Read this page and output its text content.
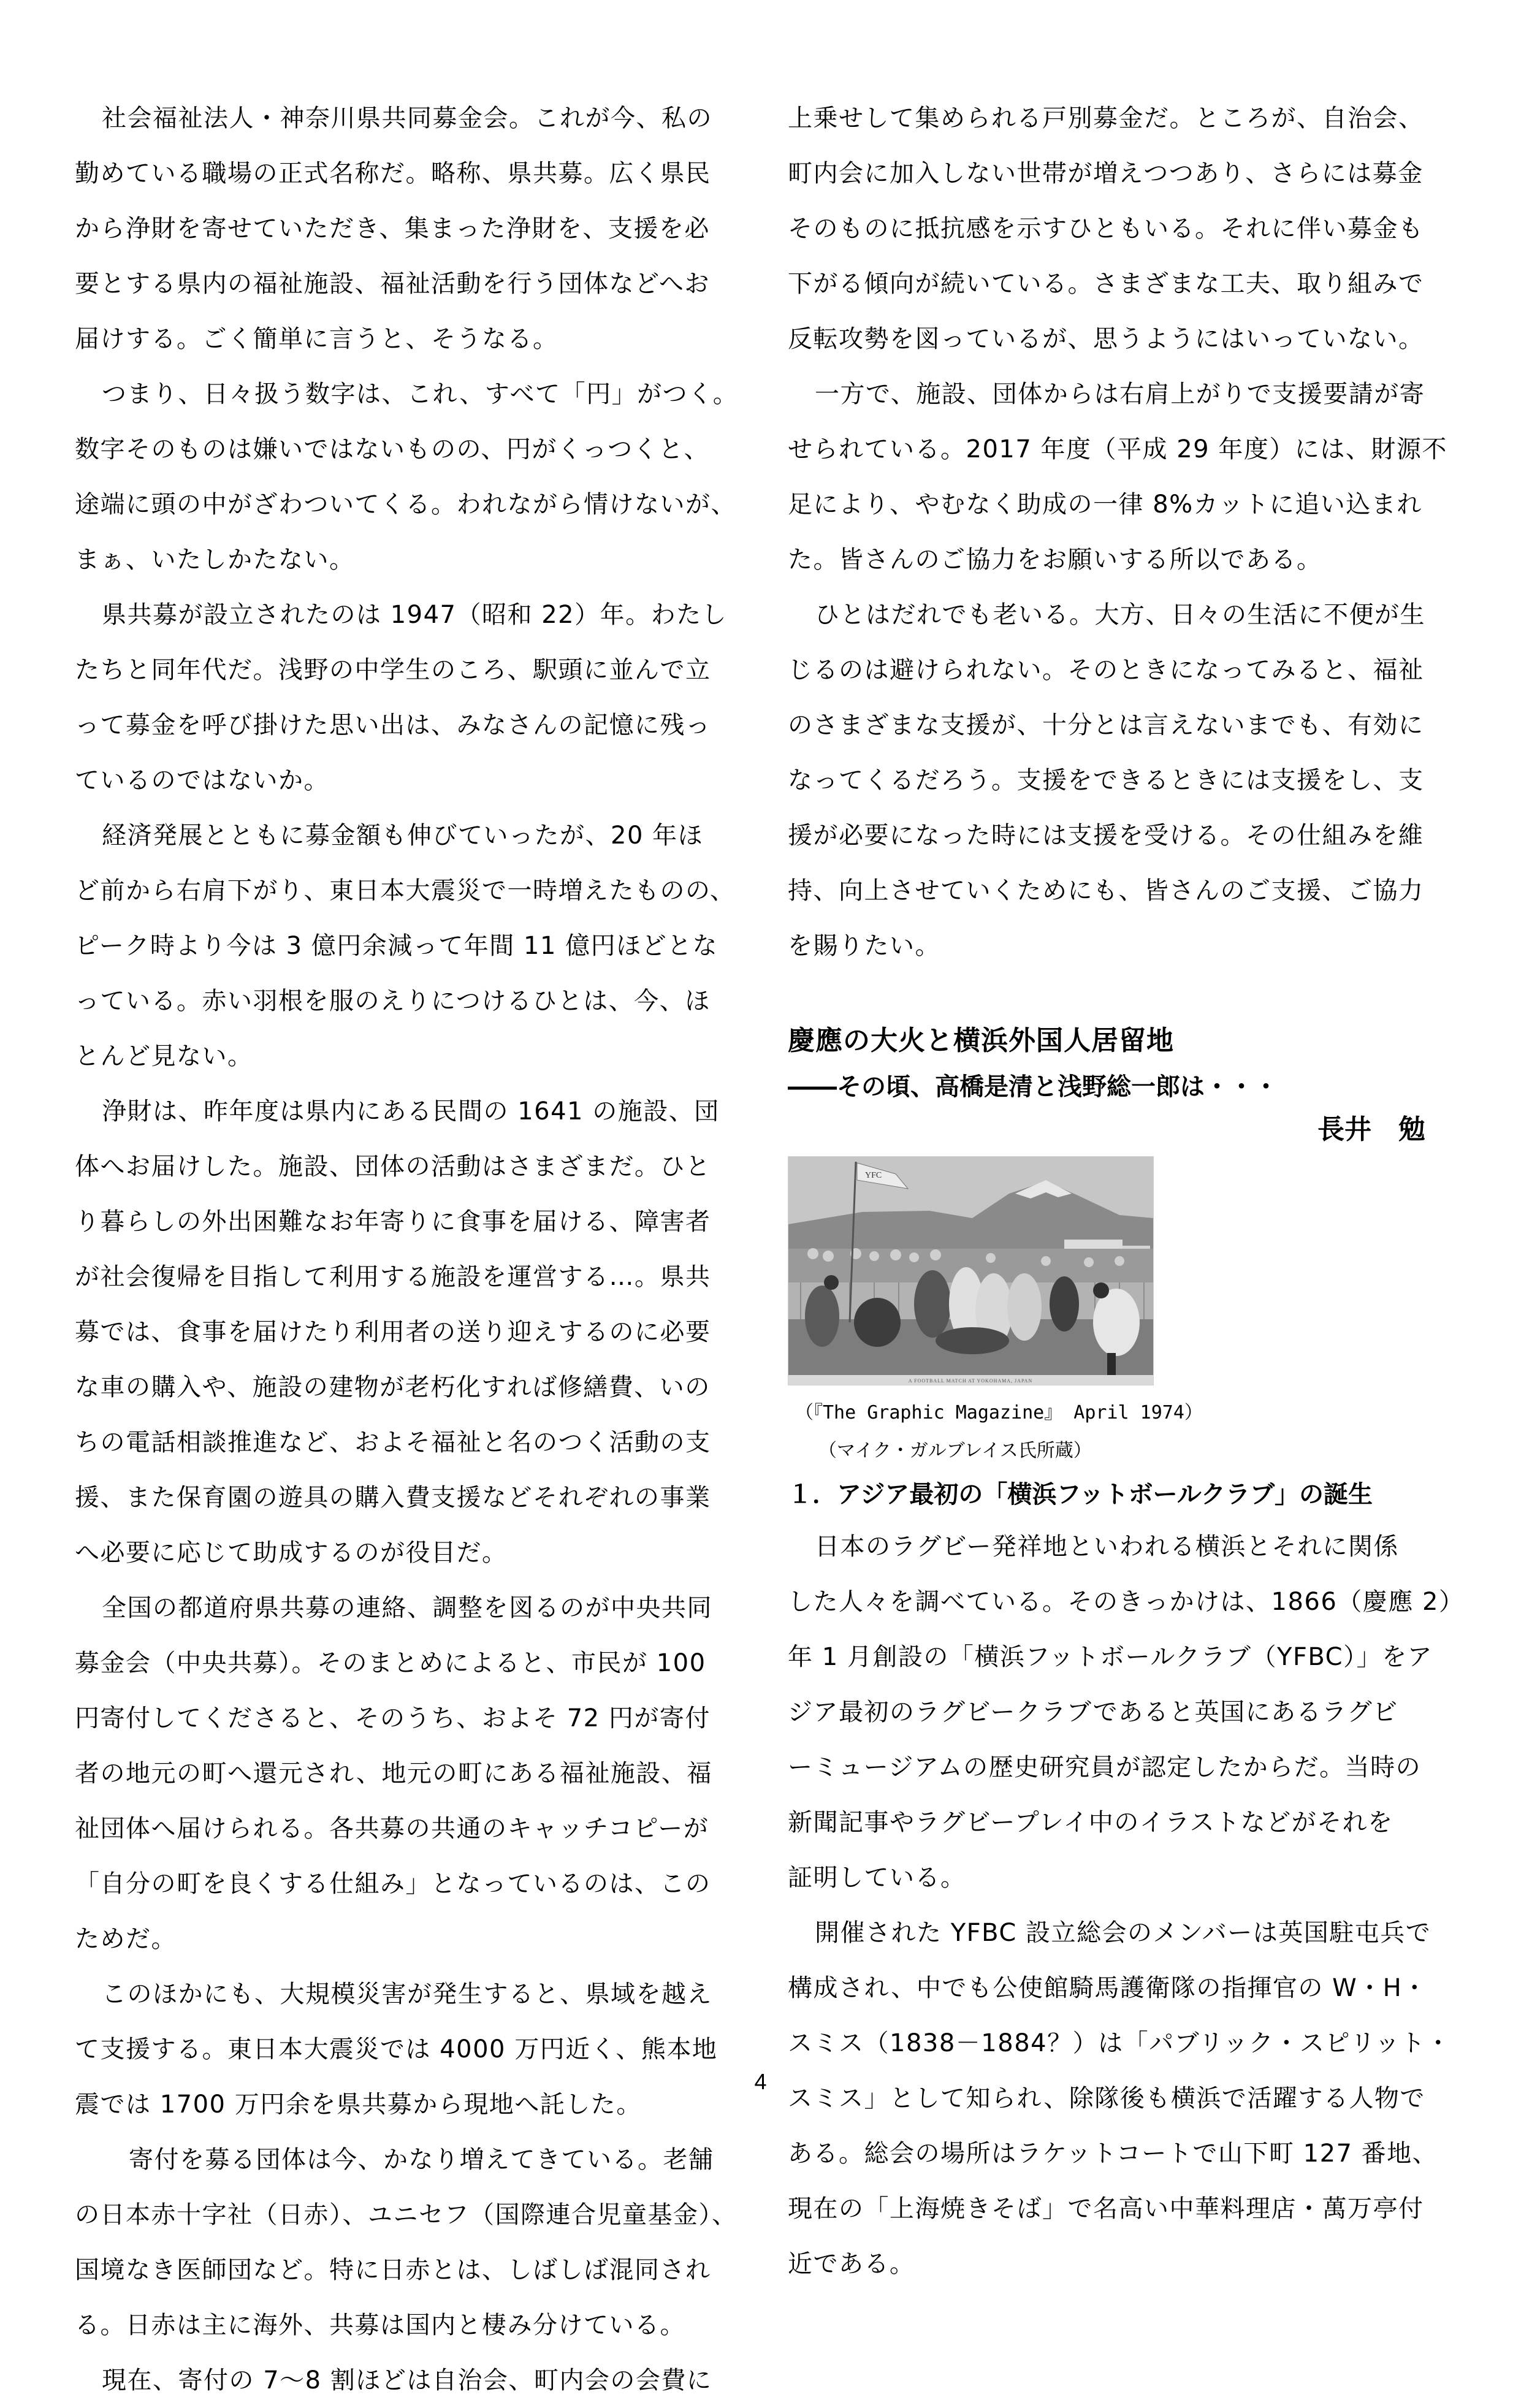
社会福祉法人・神奈川県共同募金会。これが今、私の
勤めている職場の正式名称だ。略称、県共募。広く県民
から浄財を寄せていただき、集まった浄財を、支援を必
要とする県内の福祉施設、福祉活動を行う団体などへお
届けする。ごく簡単に言うと、そうなる。
つまり、日々扱う数字は、これ、すべて「円」がつく。
数字そのものは嫌いではないものの、円がくっつくと、
途端に頭の中がざわついてくる。われながら情けないが、
まぁ、いたしかたない。
県共募が設立されたのは 1947（昭和 22）年。わたし
たちと同年代だ。浅野の中学生のころ、駅頭に並んで立
って募金を呼び掛けた思い出は、みなさんの記憶に残っ
ているのではないか。
経済発展とともに募金額も伸びていったが、20 年ほ
ど前から右肩下がり、東日本大震災で一時増えたものの、
ピーク時より今は 3 億円余減って年間 11 億円ほどとな
っている。赤い羽根を服のえりにつけるひとは、今、ほ
とんど見ない。
浄財は、昨年度は県内にある民間の 1641 の施設、団
体へお届けした。施設、団体の活動はさまざまだ。ひと
り暮らしの外出困難なお年寄りに食事を届ける、障害者
が社会復帰を目指して利用する施設を運営する…。県共
募では、食事を届けたり利用者の送り迎えするのに必要
な車の購入や、施設の建物が老朽化すれば修繕費、いの
ちの電話相談推進など、およそ福祉と名のつく活動の支
援、また保育園の遊具の購入費支援などそれぞれの事業
へ必要に応じて助成するのが役目だ。
全国の都道府県共募の連絡、調整を図るのが中央共同
募金会（中央共募）。そのまとめによると、市民が 100
円寄付してくださると、そのうち、およそ 72 円が寄付
者の地元の町へ還元され、地元の町にある福祉施設、福
祉団体へ届けられる。各共募の共通のキャッチコピーが
「自分の町を良くする仕組み」となっているのは、この
ためだ。
このほかにも、大規模災害が発生すると、県域を越え
て支援する。東日本大震災では 4000 万円近く、熊本地
震では 1700 万円余を県共募から現地へ託した。
寄付を募る団体は今、かなり増えてきている。老舗
の日本赤十字社（日赤）、ユニセフ（国際連合児童基金）、
国境なき医師団など。特に日赤とは、しばしば混同され
る。日赤は主に海外、共募は国内と棲み分けている。
現在、寄付の 7～8 割ほどは自治会、町内会の会費に
上乗せして集められる戸別募金だ。ところが、自治会、
町内会に加入しない世帯が増えつつあり、さらには募金
そのものに抵抗感を示すひともいる。それに伴い募金も
下がる傾向が続いている。さまざまな工夫、取り組みで
反転攻勢を図っているが、思うようにはいっていない。
一方で、施設、団体からは右肩上がりで支援要請が寄
せられている。2017 年度（平成 29 年度）には、財源不
足により、やむなく助成の一律 8%カットに追い込まれ
た。皆さんのご協力をお願いする所以である。
ひとはだれでも老いる。大方、日々の生活に不便が生
じるのは避けられない。そのときになってみると、福祉
のさまざまな支援が、十分とは言えないまでも、有効に
なってくるだろう。支援をできるときには支援をし、支
援が必要になった時には支援を受ける。その仕組みを維
持、向上させていくためにも、皆さんのご支援、ご協力
を賜りたい。
慶應の大火と横浜外国人居留地
――その頃、高橋是清と浅野総一郎は・・・
長井　勉
YFC
A FOOTBALL MATCH AT YOKOHAMA, JAPAN
（『The Graphic Magazine』 April 1974）
（マイク・ガルブレイス氏所蔵）
１．アジア最初の「横浜フットボールクラブ」の誕生
日本のラグビー発祥地といわれる横浜とそれに関係
した人々を調べている。そのきっかけは、1866（慶應 2）
年 1 月創設の「横浜フットボールクラブ（YFBC）」をア
ジア最初のラグビークラブであると英国にあるラグビ
ーミュージアムの歴史研究員が認定したからだ。当時の
新聞記事やラグビープレイ中のイラストなどがそれを
証明している。
開催された YFBC 設立総会のメンバーは英国駐屯兵で
構成され、中でも公使館騎馬護衛隊の指揮官の W・H・
スミス（1838－1884？）は「パブリック・スピリット・
スミス」として知られ、除隊後も横浜で活躍する人物で
ある。総会の場所はラケットコートで山下町 127 番地、
現在の「上海焼きそば」で名高い中華料理店・萬万亭付
近である。
4
